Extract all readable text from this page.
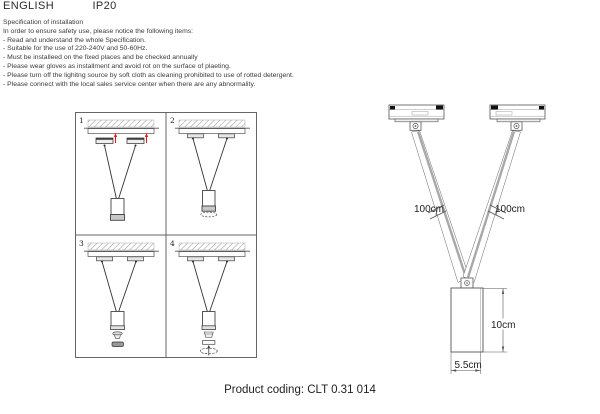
ENGLISH	IP20
Specification of installation
In order to ensure safety use, please notice the following items:
- Read and understand the whole Specification.
- Suitable for the use of 220-240V and 50-60Hz.
- Must be installeed on the fixed places and be checked annually
- Please wear gloves as installment and avoid rot on the surface of plaeting.
- Please turn off the lighitng source by soft cloth as cleaning prohibited to use of rotted detergent.
- Please connect with the local sales service center when there are any abnormality.
1	2
3	4
100cm	100cm
10cm
5.5cm
Product coding: CLT 0.31 014
